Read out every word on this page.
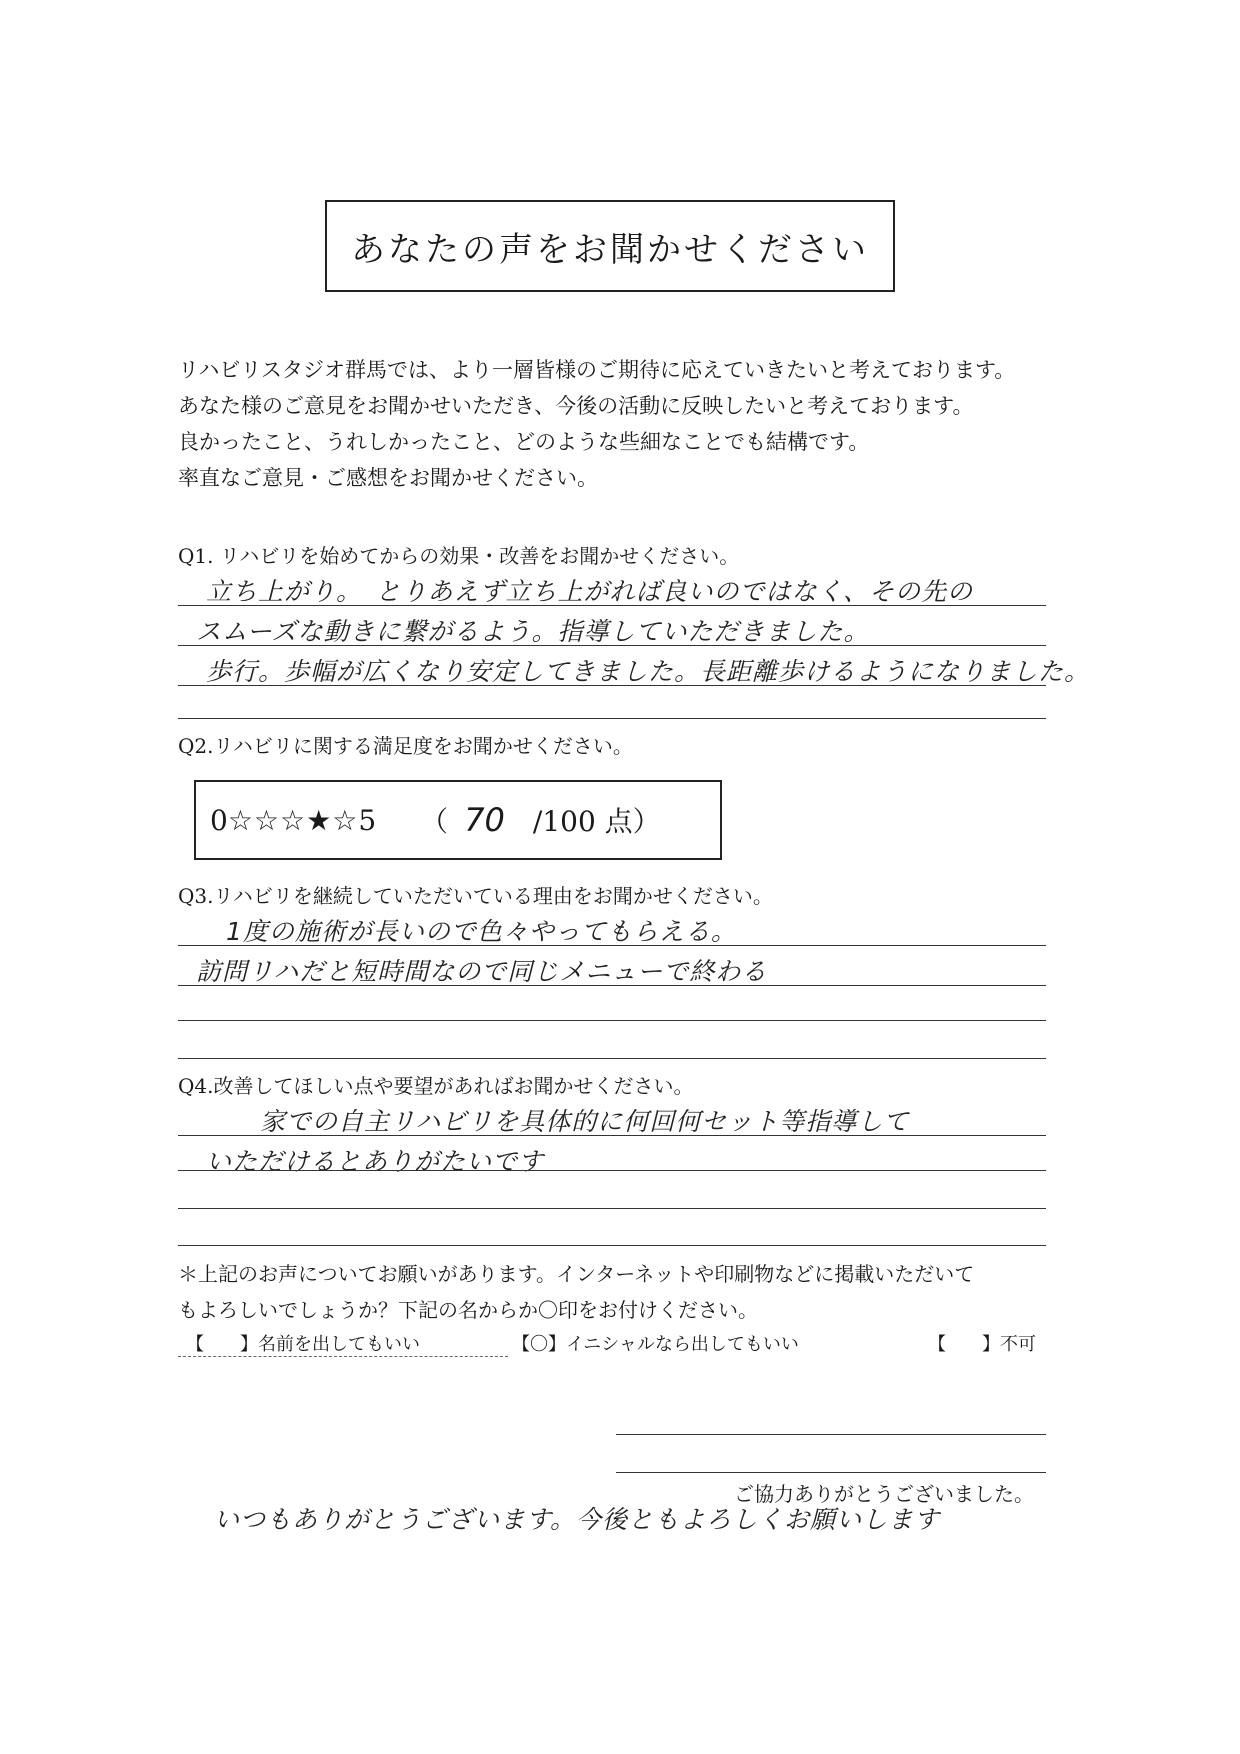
あなたの声をお聞かせください
リハビリスタジオ群馬では、より一層皆様のご期待に応えていきたいと考えております。
あなた様のご意見をお聞かせいただき、今後の活動に反映したいと考えております。
良かったこと、うれしかったこと、どのような些細なことでも結構です。
率直なご意見・ご感想をお聞かせください。
Q1. リハビリを始めてからの効果・改善をお聞かせください。
立ち上がり。　とりあえず立ち上がれば良いのではなく、その先の
スムーズな動きに繋がるよう。指導していただきました。
歩行。歩幅が広くなり安定してきました。長距離歩けるようになりました。
Q2.リハビリに関する満足度をお聞かせください。
0 ☆☆☆★☆ 5 （ 70 /100 点）
Q3.リハビリを継続していただいている理由をお聞かせください。
1度の施術が長いので色々やってもらえる。
訪問リハだと短時間なので同じメニューで終わる
Q4.改善してほしい点や要望があればお聞かせください。
家での自主リハビリを具体的に何回何セット等指導して
いただけるとありがたいです
＊上記のお声についてお願いがあります。インターネットや印刷物などに掲載いただいて
もよろしいでしょうか？下記の名からか〇印をお付けください。
【　　】名前を出してもいい	【〇】イニシャルなら出してもいい	【　　】不可
ご協力ありがとうございました。
いつもありがとうございます。今後ともよろしくお願いします
